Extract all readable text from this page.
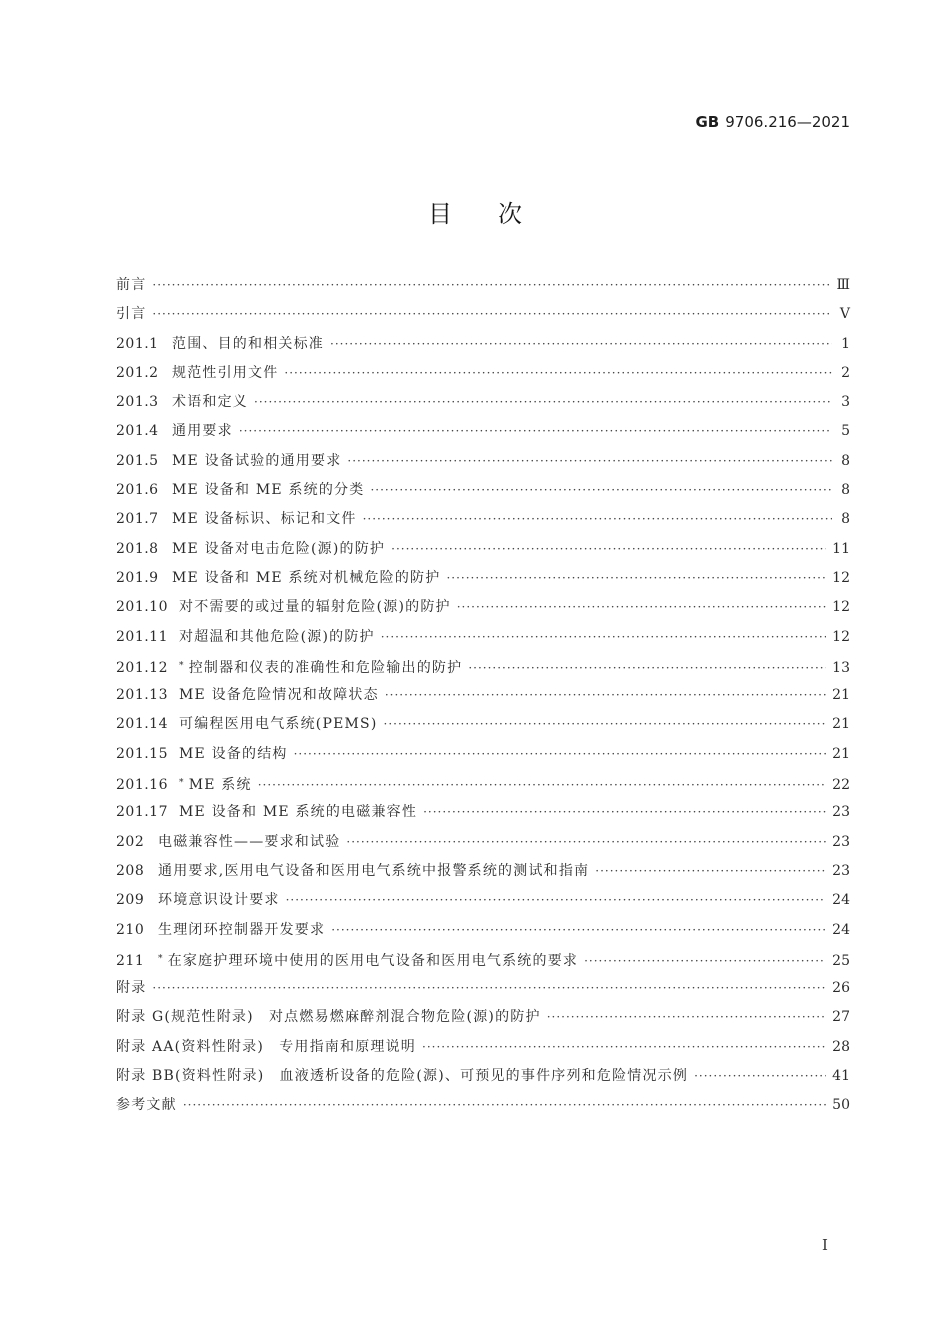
GB 9706.216—2021
目次
前言 ·····	Ⅲ
引言 ·····	Ⅴ
201.1 范围、目的和相关标准 ·····	1
201.2 规范性引用文件 ·····	2
201.3 术语和定义 ·····	3
201.4 通用要求 ·····	5
201.5 ME 设备试验的通用要求 ·····	8
201.6 ME 设备和 ME 系统的分类 ·····	8
201.7 ME 设备标识、标记和文件 ·····	8
201.8 ME 设备对电击危险(源)的防护 ·····	11
201.9 ME 设备和 ME 系统对机械危险的防护 ·····	12
201.10 对不需要的或过量的辐射危险(源)的防护 ·····	12
201.11 对超温和其他危险(源)的防护 ·····	12
201.12	* 控制器和仪表的准确性和危险输出的防护 ·····	13
201.13 ME 设备危险情况和故障状态 ·····	21
201.14 可编程医用电气系统(PEMS) ·····	21
201.15 ME 设备的结构 ·····	21
201.16	* ME 系统 ·····	22
201.17 ME 设备和 ME 系统的电磁兼容性 ·····	23
202 电磁兼容性——要求和试验 ·····	23
208 通用要求,医用电气设备和医用电气系统中报警系统的测试和指南 ·····	23
209 环境意识设计要求 ·····	24
210 生理闭环控制器开发要求 ·····	24
211	* 在家庭护理环境中使用的医用电气设备和医用电气系统的要求 ·····	25
附录 ·····	26
附录 G(规范性附录)　对点燃易燃麻醉剂混合物危险(源)的防护 ·····	27
附录 AA(资料性附录)　专用指南和原理说明 ·····	28
附录 BB(资料性附录)　血液透析设备的危险(源)、可预见的事件序列和危险情况示例 ·····	41
参考文献 ·····	50
I
